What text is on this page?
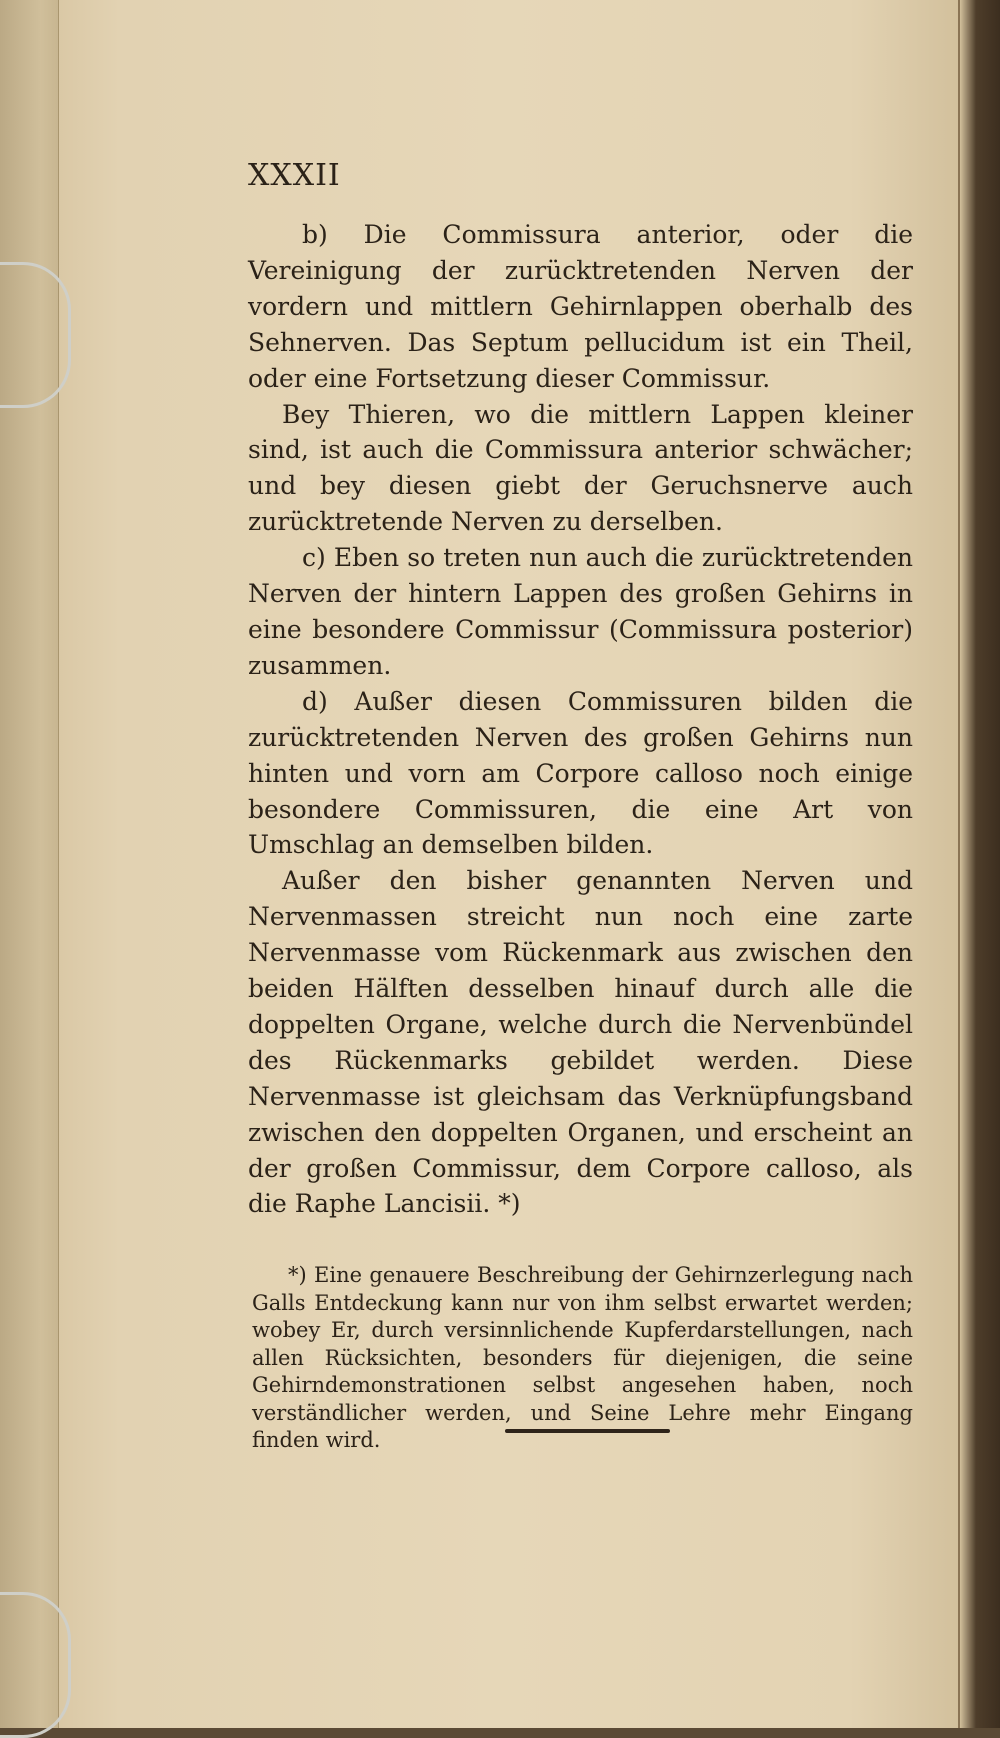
XXXII

b) Die Commissura anterior, oder die Vereinigung der zurücktretenden Nerven der vordern und mittlern Gehirnlappen oberhalb des Sehnerven. Das Septum pellucidum ist ein Theil, oder eine Fortsetzung dieser Commissur.

Bey Thieren, wo die mittlern Lappen kleiner sind, ist auch die Commissura anterior schwächer; und bey diesen giebt der Geruchsnerve auch zurücktretende Nerven zu derselben.

c) Eben so treten nun auch die zurücktretenden Nerven der hintern Lappen des großen Gehirns in eine besondere Commissur (Commissura posterior) zusammen.

d) Außer diesen Commissuren bilden die zurücktretenden Nerven des großen Gehirns nun hinten und vorn am Corpore calloso noch einige besondere Commissuren, die eine Art von Umschlag an demselben bilden.

Außer den bisher genannten Nerven und Nervenmassen streicht nun noch eine zarte Nervenmasse vom Rückenmark aus zwischen den beiden Hälften desselben hinauf durch alle die doppelten Organe, welche durch die Nervenbündel des Rückenmarks gebildet werden. Diese Nervenmasse ist gleichsam das Verknüpfungsband zwischen den doppelten Organen, und erscheint an der großen Commissur, dem Corpore calloso, als die Raphe Lancisii. *)

*) Eine genauere Beschreibung der Gehirnzerlegung nach Galls Entdeckung kann nur von ihm selbst erwartet werden; wobey Er, durch versinnlichende Kupferdarstellungen, nach allen Rücksichten, besonders für diejenigen, die seine Gehirndemonstrationen selbst angesehen haben, noch verständlicher werden, und Seine Lehre mehr Eingang finden wird.
